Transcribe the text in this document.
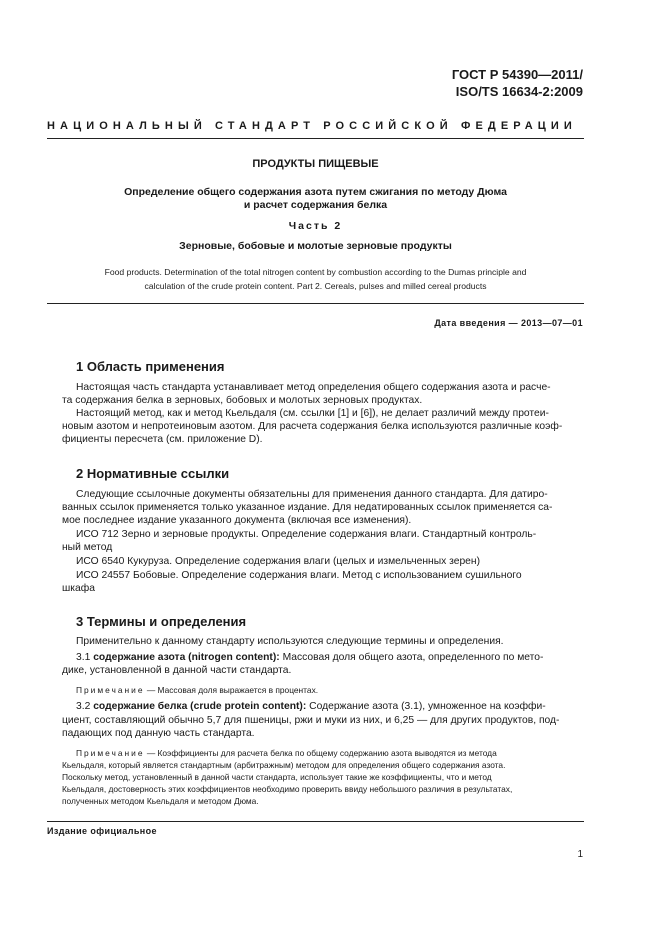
ГОСТ Р 54390—2011/
ISO/TS 16634-2:2009
НАЦИОНАЛЬНЫЙ СТАНДАРТ РОССИЙСКОЙ ФЕДЕРАЦИИ
ПРОДУКТЫ ПИЩЕВЫЕ
Определение общего содержания азота путем сжигания по методу Дюма
и расчет содержания белка
Часть 2
Зерновые, бобовые и молотые зерновые продукты
Food products. Determination of the total nitrogen content by combustion according to the Dumas principle and
calculation of the crude protein content. Part 2. Cereals, pulses and milled cereal products
Дата введения — 2013—07—01
1 Область применения
Настоящая часть стандарта устанавливает метод определения общего содержания азота и расче-
та содержания белка в зерновых, бобовых и молотых зерновых продуктах.
Настоящий метод, как и метод Кьельдаля (см. ссылки [1] и [6]), не делает различий между протеи-
новым азотом и непротеиновым азотом. Для расчета содержания белка используются различные коэф-
фициенты пересчета (см. приложение D).
2 Нормативные ссылки
Следующие ссылочные документы обязательны для применения данного стандарта. Для датиро-
ванных ссылок применяется только указанное издание. Для недатированных ссылок применяется са-
мое последнее издание указанного документа (включая все изменения).
ИСО 712 Зерно и зерновые продукты. Определение содержания влаги. Стандартный контроль-
ный метод
ИСО 6540 Кукуруза. Определение содержания влаги (целых и измельченных зерен)
ИСО 24557 Бобовые. Определение содержания влаги. Метод с использованием сушильного
шкафа
3 Термины и определения
Применительно к данному стандарту используются следующие термины и определения.
3.1 содержание азота (nitrogen content): Массовая доля общего азота, определенного по мето-
дике, установленной в данной части стандарта.
Примечание — Массовая доля выражается в процентах.
3.2 содержание белка (crude protein content): Содержание азота (3.1), умноженное на коэффи-
циент, составляющий обычно 5,7 для пшеницы, ржи и муки из них, и 6,25 — для других продуктов, под-
падающих под данную часть стандарта.
Примечание — Коэффициенты для расчета белка по общему содержанию азота выводятся из метода
Кьельдаля, который является стандартным (арбитражным) методом для определения общего содержания азота.
Поскольку метод, установленный в данной части стандарта, использует такие же коэффициенты, что и метод
Кьельдаля, достоверность этих коэффициентов необходимо проверить ввиду небольшого различия в результатах,
полученных методом Кьельдаля и методом Дюма.
Издание официальное
1
